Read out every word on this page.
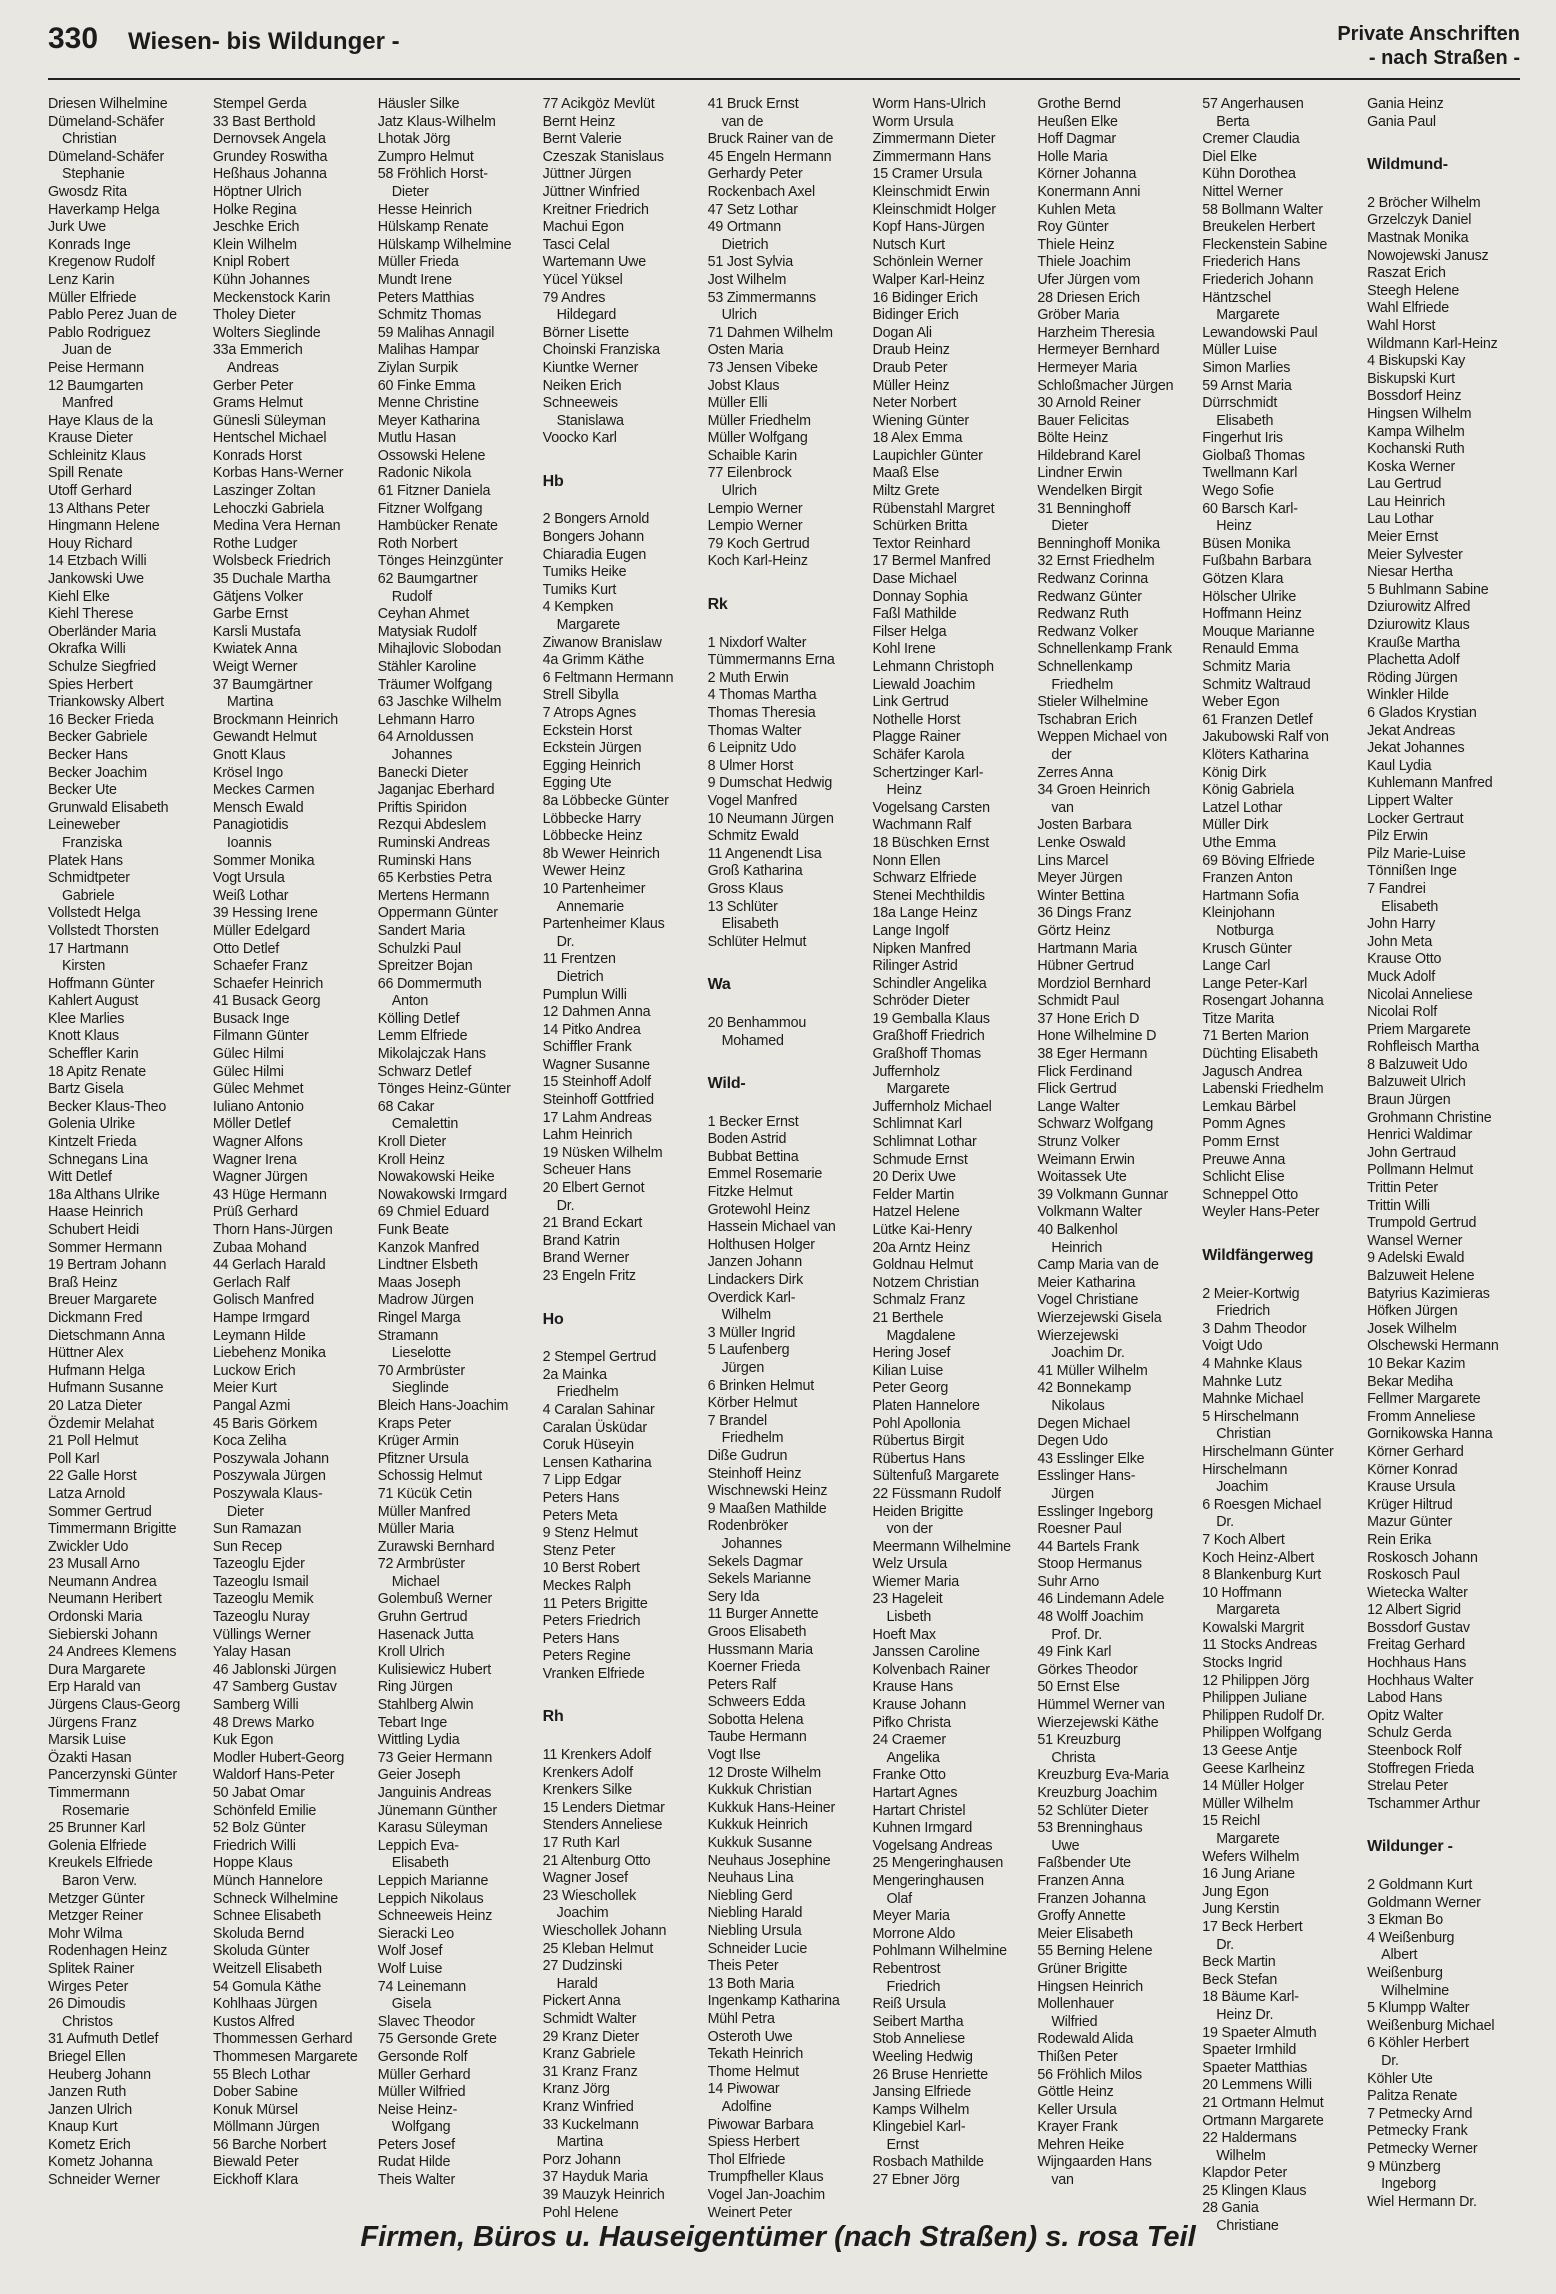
330 Wiesen- bis Wildunger -	Private Anschriften
- nach Straßen -
Driesen Wilhelmine
Dümeland-Schäfer
Christian
Dümeland-Schäfer
Stephanie
Gwosdz Rita
Haverkamp Helga
Jurk Uwe
Konrads Inge
Kregenow Rudolf
Lenz Karin
Müller Elfriede
Pablo Perez Juan de
Pablo Rodriguez
Juan de
Peise Hermann
12 Baumgarten
Manfred
Haye Klaus de la
Krause Dieter
Schleinitz Klaus
Spill Renate
Utoff Gerhard
13 Althans Peter
Hingmann Helene
Houy Richard
14 Etzbach Willi
Jankowski Uwe
Kiehl Elke
Kiehl Therese
Oberländer Maria
Okrafka Willi
Schulze Siegfried
Spies Herbert
Triankowsky Albert
16 Becker Frieda
Becker Gabriele
Becker Hans
Becker Joachim
Becker Ute
Grunwald Elisabeth
Leineweber
Franziska
Platek Hans
Schmidtpeter
Gabriele
Vollstedt Helga
Vollstedt Thorsten
17 Hartmann
Kirsten
Hoffmann Günter
Kahlert August
Klee Marlies
Knott Klaus
Scheffler Karin
18 Apitz Renate
Bartz Gisela
Becker Klaus-Theo
Golenia Ulrike
Kintzelt Frieda
Schnegans Lina
Witt Detlef
18a Althans Ulrike
Haase Heinrich
Schubert Heidi
Sommer Hermann
19 Bertram Johann
Braß Heinz
Breuer Margarete
Dickmann Fred
Dietschmann Anna
Hüttner Alex
Hufmann Helga
Hufmann Susanne
20 Latza Dieter
Özdemir Melahat
21 Poll Helmut
Poll Karl
22 Galle Horst
Latza Arnold
Sommer Gertrud
Timmermann Brigitte
Zwickler Udo
23 Musall Arno
Neumann Andrea
Neumann Heribert
Ordonski Maria
Siebierski Johann
24 Andrees Klemens
Dura Margarete
Erp Harald van
Jürgens Claus-Georg
Jürgens Franz
Marsik Luise
Özakti Hasan
Pancerzynski Günter
Timmermann
Rosemarie
25 Brunner Karl
Golenia Elfriede
Kreukels Elfriede
Baron Verw.
Metzger Günter
Metzger Reiner
Mohr Wilma
Rodenhagen Heinz
Splitek Rainer
Wirges Peter
26 Dimoudis
Christos
31 Aufmuth Detlef
Briegel Ellen
Heuberg Johann
Janzen Ruth
Janzen Ulrich
Knaup Kurt
Kometz Erich
Kometz Johanna
Schneider Werner
Stempel Gerda
33 Bast Berthold
Dernovsek Angela
Grundey Roswitha
Heßhaus Johanna
Höptner Ulrich
Holke Regina
Jeschke Erich
Klein Wilhelm
Knipl Robert
Kühn Johannes
Meckenstock Karin
Tholey Dieter
Wolters Sieglinde
33a Emmerich
Andreas
Gerber Peter
Grams Helmut
Günesli Süleyman
Hentschel Michael
Konrads Horst
Korbas Hans-Werner
Laszinger Zoltan
Lehoczki Gabriela
Medina Vera Hernan
Rothe Ludger
Wolsbeck Friedrich
35 Duchale Martha
Gätjens Volker
Garbe Ernst
Karsli Mustafa
Kwiatek Anna
Weigt Werner
37 Baumgärtner
Martina
Brockmann Heinrich
Gewandt Helmut
Gnott Klaus
Krösel Ingo
Meckes Carmen
Mensch Ewald
Panagiotidis
Ioannis
Sommer Monika
Vogt Ursula
Weiß Lothar
39 Hessing Irene
Müller Edelgard
Otto Detlef
Schaefer Franz
Schaefer Heinrich
41 Busack Georg
Busack Inge
Filmann Günter
Gülec Hilmi
Gülec Hilmi
Gülec Mehmet
Iuliano Antonio
Möller Detlef
Wagner Alfons
Wagner Irena
Wagner Jürgen
43 Hüge Hermann
Prüß Gerhard
Thorn Hans-Jürgen
Zubaa Mohand
44 Gerlach Harald
Gerlach Ralf
Golisch Manfred
Hampe Irmgard
Leymann Hilde
Liebehenz Monika
Luckow Erich
Meier Kurt
Pangal Azmi
45 Baris Görkem
Koca Zeliha
Poszywala Johann
Poszywala Jürgen
Poszywala Klaus-
Dieter
Sun Ramazan
Sun Recep
Tazeoglu Ejder
Tazeoglu Ismail
Tazeoglu Memik
Tazeoglu Nuray
Vüllings Werner
Yalay Hasan
46 Jablonski Jürgen
47 Samberg Gustav
Samberg Willi
48 Drews Marko
Kuk Egon
Modler Hubert-Georg
Waldorf Hans-Peter
50 Jabat Omar
Schönfeld Emilie
52 Bolz Günter
Friedrich Willi
Hoppe Klaus
Münch Hannelore
Schneck Wilhelmine
Schnee Elisabeth
Skoluda Bernd
Skoluda Günter
Weitzell Elisabeth
54 Gomula Käthe
Kohlhaas Jürgen
Kustos Alfred
Thommessen Gerhard
Thommesen Margarete
55 Blech Lothar
Dober Sabine
Konuk Mürsel
Möllmann Jürgen
56 Barche Norbert
Biewald Peter
Eickhoff Klara
Häusler Silke
Jatz Klaus-Wilhelm
Lhotak Jörg
Zumpro Helmut
58 Fröhlich Horst-
Dieter
Hesse Heinrich
Hülskamp Renate
Hülskamp Wilhelmine
Müller Frieda
Mundt Irene
Peters Matthias
Schmitz Thomas
59 Malihas Annagil
Malihas Hampar
Ziylan Surpik
60 Finke Emma
Menne Christine
Meyer Katharina
Mutlu Hasan
Ossowski Helene
Radonic Nikola
61 Fitzner Daniela
Fitzner Wolfgang
Hambücker Renate
Roth Norbert
Tönges Heinzgünter
62 Baumgartner
Rudolf
Ceyhan Ahmet
Matysiak Rudolf
Mihajlovic Slobodan
Stähler Karoline
Träumer Wolfgang
63 Jaschke Wilhelm
Lehmann Harro
64 Arnoldussen
Johannes
Banecki Dieter
Jaganjac Eberhard
Priftis Spiridon
Rezqui Abdeslem
Ruminski Andreas
Ruminski Hans
65 Kerbsties Petra
Mertens Hermann
Oppermann Günter
Sandert Maria
Schulzki Paul
Spreitzer Bojan
66 Dommermuth
Anton
Kölling Detlef
Lemm Elfriede
Mikolajczak Hans
Schwarz Detlef
Tönges Heinz-Günter
68 Cakar
Cemalettin
Kroll Dieter
Kroll Heinz
Nowakowski Heike
Nowakowski Irmgard
69 Chmiel Eduard
Funk Beate
Kanzok Manfred
Lindtner Elsbeth
Maas Joseph
Madrow Jürgen
Ringel Marga
Stramann
Lieselotte
70 Armbrüster
Sieglinde
Bleich Hans-Joachim
Kraps Peter
Krüger Armin
Pfitzner Ursula
Schossig Helmut
71 Kücük Cetin
Müller Manfred
Müller Maria
Zurawski Bernhard
72 Armbrüster
Michael
Golembuß Werner
Gruhn Gertrud
Hasenack Jutta
Kroll Ulrich
Kulisiewicz Hubert
Ring Jürgen
Stahlberg Alwin
Tebart Inge
Wittling Lydia
73 Geier Hermann
Geier Joseph
Janguinis Andreas
Jünemann Günther
Karasu Süleyman
Leppich Eva-
Elisabeth
Leppich Marianne
Leppich Nikolaus
Schneeweis Heinz
Sieracki Leo
Wolf Josef
Wolf Luise
74 Leinemann
Gisela
Slavec Theodor
75 Gersonde Grete
Gersonde Rolf
Müller Gerhard
Müller Wilfried
Neise Heinz-
Wolfgang
Peters Josef
Rudat Hilde
Theis Walter
77 Acikgöz Mevlüt
Bernt Heinz
Bernt Valerie
Czeszak Stanislaus
Jüttner Jürgen
Jüttner Winfried
Kreitner Friedrich
Machui Egon
Tasci Celal
Wartemann Uwe
Yücel Yüksel
79 Andres
Hildegard
Börner Lisette
Choinski Franziska
Kiuntke Werner
Neiken Erich
Schneeweis
Stanislawa
Voocko Karl
Hb
2 Bongers Arnold
Bongers Johann
Chiaradia Eugen
Tumiks Heike
Tumiks Kurt
4 Kempken
Margarete
Ziwanow Branislaw
4a Grimm Käthe
6 Feltmann Hermann
Strell Sibylla
7 Atrops Agnes
Eckstein Horst
Eckstein Jürgen
Egging Heinrich
Egging Ute
8a Löbbecke Günter
Löbbecke Harry
Löbbecke Heinz
8b Wewer Heinrich
Wewer Heinz
10 Partenheimer
Annemarie
Partenheimer Klaus
Dr.
11 Frentzen
Dietrich
Pumplun Willi
12 Dahmen Anna
14 Pitko Andrea
Schiffler Frank
Wagner Susanne
15 Steinhoff Adolf
Steinhoff Gottfried
17 Lahm Andreas
Lahm Heinrich
19 Nüsken Wilhelm
Scheuer Hans
20 Elbert Gernot
Dr.
21 Brand Eckart
Brand Katrin
Brand Werner
23 Engeln Fritz
Ho
2 Stempel Gertrud
2a Mainka
Friedhelm
4 Caralan Sahinar
Caralan Üsküdar
Coruk Hüseyin
Lensen Katharina
7 Lipp Edgar
Peters Hans
Peters Meta
9 Stenz Helmut
Stenz Peter
10 Berst Robert
Meckes Ralph
11 Peters Brigitte
Peters Friedrich
Peters Hans
Peters Regine
Vranken Elfriede
Rh
11 Krenkers Adolf
Krenkers Adolf
Krenkers Silke
15 Lenders Dietmar
Stenders Anneliese
17 Ruth Karl
21 Altenburg Otto
Wagner Josef
23 Wieschollek
Joachim
Wieschollek Johann
25 Kleban Helmut
27 Dudzinski
Harald
Pickert Anna
Schmidt Walter
29 Kranz Dieter
Kranz Gabriele
31 Kranz Franz
Kranz Jörg
Kranz Winfried
33 Kuckelmann
Martina
Porz Johann
37 Hayduk Maria
39 Mauzyk Heinrich
Pohl Helene
41 Bruck Ernst
van de
Bruck Rainer van de
45 Engeln Hermann
Gerhardy Peter
Rockenbach Axel
47 Setz Lothar
49 Ortmann
Dietrich
51 Jost Sylvia
Jost Wilhelm
53 Zimmermanns
Ulrich
71 Dahmen Wilhelm
Osten Maria
73 Jensen Vibeke
Jobst Klaus
Müller Elli
Müller Friedhelm
Müller Wolfgang
Schaible Karin
77 Eilenbrock
Ulrich
Lempio Werner
Lempio Werner
79 Koch Gertrud
Koch Karl-Heinz
Rk
1 Nixdorf Walter
Tümmermanns Erna
2 Muth Erwin
4 Thomas Martha
Thomas Theresia
Thomas Walter
6 Leipnitz Udo
8 Ulmer Horst
9 Dumschat Hedwig
Vogel Manfred
10 Neumann Jürgen
Schmitz Ewald
11 Angenendt Lisa
Groß Katharina
Gross Klaus
13 Schlüter
Elisabeth
Schlüter Helmut
Wa
20 Benhammou
Mohamed
Wild-
1 Becker Ernst
Boden Astrid
Bubbat Bettina
Emmel Rosemarie
Fitzke Helmut
Grotewohl Heinz
Hassein Michael van
Holthusen Holger
Janzen Johann
Lindackers Dirk
Overdick Karl-
Wilhelm
3 Müller Ingrid
5 Laufenberg
Jürgen
6 Brinken Helmut
Körber Helmut
7 Brandel
Friedhelm
Diße Gudrun
Steinhoff Heinz
Wischnewski Heinz
9 Maaßen Mathilde
Rodenbröker
Johannes
Sekels Dagmar
Sekels Marianne
Sery Ida
11 Burger Annette
Groos Elisabeth
Hussmann Maria
Koerner Frieda
Peters Ralf
Schweers Edda
Sobotta Helena
Taube Hermann
Vogt Ilse
12 Droste Wilhelm
Kukkuk Christian
Kukkuk Hans-Heiner
Kukkuk Heinrich
Kukkuk Susanne
Neuhaus Josephine
Neuhaus Lina
Niebling Gerd
Niebling Harald
Niebling Ursula
Schneider Lucie
Theis Peter
13 Both Maria
Ingenkamp Katharina
Mühl Petra
Osteroth Uwe
Tekath Heinrich
Thome Helmut
14 Piwowar
Adolfine
Piwowar Barbara
Spiess Herbert
Thol Elfriede
Trumpfheller Klaus
Vogel Jan-Joachim
Weinert Peter
Worm Hans-Ulrich
Worm Ursula
Zimmermann Dieter
Zimmermann Hans
15 Cramer Ursula
Kleinschmidt Erwin
Kleinschmidt Holger
Kopf Hans-Jürgen
Nutsch Kurt
Schönlein Werner
Walper Karl-Heinz
16 Bidinger Erich
Bidinger Erich
Dogan Ali
Draub Heinz
Draub Peter
Müller Heinz
Neter Norbert
Wiening Günter
18 Alex Emma
Laupichler Günter
Maaß Else
Miltz Grete
Rübenstahl Margret
Schürken Britta
Textor Reinhard
17 Bermel Manfred
Dase Michael
Donnay Sophia
Faßl Mathilde
Filser Helga
Kohl Irene
Lehmann Christoph
Liewald Joachim
Link Gertrud
Nothelle Horst
Plagge Rainer
Schäfer Karola
Schertzinger Karl-
Heinz
Vogelsang Carsten
Wachmann Ralf
18 Büschken Ernst
Nonn Ellen
Schwarz Elfriede
Stenei Mechthildis
18a Lange Heinz
Lange Ingolf
Nipken Manfred
Rilinger Astrid
Schindler Angelika
Schröder Dieter
19 Gemballa Klaus
Graßhoff Friedrich
Graßhoff Thomas
Juffernholz
Margarete
Juffernholz Michael
Schlimnat Karl
Schlimnat Lothar
Schmude Ernst
20 Derix Uwe
Felder Martin
Hatzel Helene
Lütke Kai-Henry
20a Arntz Heinz
Goldnau Helmut
Notzem Christian
Schmalz Franz
21 Berthele
Magdalene
Hering Josef
Kilian Luise
Peter Georg
Platen Hannelore
Pohl Apollonia
Rübertus Birgit
Rübertus Hans
Sültenfuß Margarete
22 Füssmann Rudolf
Heiden Brigitte
von der
Meermann Wilhelmine
Welz Ursula
Wiemer Maria
23 Hageleit
Lisbeth
Hoeft Max
Janssen Caroline
Kolvenbach Rainer
Krause Hans
Krause Johann
Pifko Christa
24 Craemer
Angelika
Franke Otto
Hartart Agnes
Hartart Christel
Kuhnen Irmgard
Vogelsang Andreas
25 Mengeringhausen
Mengeringhausen
Olaf
Meyer Maria
Morrone Aldo
Pohlmann Wilhelmine
Rebentrost
Friedrich
Reiß Ursula
Seibert Martha
Stob Anneliese
Weeling Hedwig
26 Bruse Henriette
Jansing Elfriede
Kamps Wilhelm
Klingebiel Karl-
Ernst
Rosbach Mathilde
27 Ebner Jörg
Grothe Bernd
Heußen Elke
Hoff Dagmar
Holle Maria
Körner Johanna
Konermann Anni
Kuhlen Meta
Roy Günter
Thiele Heinz
Thiele Joachim
Ufer Jürgen vom
28 Driesen Erich
Gröber Maria
Harzheim Theresia
Hermeyer Bernhard
Hermeyer Maria
Schloßmacher Jürgen
30 Arnold Reiner
Bauer Felicitas
Bölte Heinz
Hildebrand Karel
Lindner Erwin
Wendelken Birgit
31 Benninghoff
Dieter
Benninghoff Monika
32 Ernst Friedhelm
Redwanz Corinna
Redwanz Günter
Redwanz Ruth
Redwanz Volker
Schnellenkamp Frank
Schnellenkamp
Friedhelm
Stieler Wilhelmine
Tschabran Erich
Weppen Michael von
der
Zerres Anna
34 Groen Heinrich
van
Josten Barbara
Lenke Oswald
Lins Marcel
Meyer Jürgen
Winter Bettina
36 Dings Franz
Görtz Heinz
Hartmann Maria
Hübner Gertrud
Mordziol Bernhard
Schmidt Paul
37 Hone Erich D
Hone Wilhelmine D
38 Eger Hermann
Flick Ferdinand
Flick Gertrud
Lange Walter
Schwarz Wolfgang
Strunz Volker
Weimann Erwin
Woitassek Ute
39 Volkmann Gunnar
Volkmann Walter
40 Balkenhol
Heinrich
Camp Maria van de
Meier Katharina
Vogel Christiane
Wierzejewski Gisela
Wierzejewski
Joachim Dr.
41 Müller Wilhelm
42 Bonnekamp
Nikolaus
Degen Michael
Degen Udo
43 Esslinger Elke
Esslinger Hans-
Jürgen
Esslinger Ingeborg
Roesner Paul
44 Bartels Frank
Stoop Hermanus
Suhr Arno
46 Lindemann Adele
48 Wolff Joachim
Prof. Dr.
49 Fink Karl
Görkes Theodor
50 Ernst Else
Hümmel Werner van
Wierzejewski Käthe
51 Kreuzburg
Christa
Kreuzburg Eva-Maria
Kreuzburg Joachim
52 Schlüter Dieter
53 Brenninghaus
Uwe
Faßbender Ute
Franzen Anna
Franzen Johanna
Groffy Annette
Meier Elisabeth
55 Berning Helene
Grüner Brigitte
Hingsen Heinrich
Mollenhauer
Wilfried
Rodewald Alida
Thißen Peter
56 Fröhlich Milos
Göttle Heinz
Keller Ursula
Krayer Frank
Mehren Heike
Wijngaarden Hans
van
57 Angerhausen
Berta
Cremer Claudia
Diel Elke
Kühn Dorothea
Nittel Werner
58 Bollmann Walter
Breukelen Herbert
Fleckenstein Sabine
Friederich Hans
Friederich Johann
Häntzschel
Margarete
Lewandowski Paul
Müller Luise
Simon Marlies
59 Arnst Maria
Dürrschmidt
Elisabeth
Fingerhut Iris
Giolbaß Thomas
Twellmann Karl
Wego Sofie
60 Barsch Karl-
Heinz
Büsen Monika
Fußbahn Barbara
Götzen Klara
Hölscher Ulrike
Hoffmann Heinz
Mouque Marianne
Renauld Emma
Schmitz Maria
Schmitz Waltraud
Weber Egon
61 Franzen Detlef
Jakubowski Ralf von
Klöters Katharina
König Dirk
König Gabriela
Latzel Lothar
Müller Dirk
Uthe Emma
69 Böving Elfriede
Franzen Anton
Hartmann Sofia
Kleinjohann
Notburga
Krusch Günter
Lange Carl
Lange Peter-Karl
Rosengart Johanna
Titze Marita
71 Berten Marion
Düchting Elisabeth
Jagusch Andrea
Labenski Friedhelm
Lemkau Bärbel
Pomm Agnes
Pomm Ernst
Preuwe Anna
Schlicht Elise
Schneppel Otto
Weyler Hans-Peter
Wildfängerweg
2 Meier-Kortwig
Friedrich
3 Dahm Theodor
Voigt Udo
4 Mahnke Klaus
Mahnke Lutz
Mahnke Michael
5 Hirschelmann
Christian
Hirschelmann Günter
Hirschelmann
Joachim
6 Roesgen Michael
Dr.
7 Koch Albert
Koch Heinz-Albert
8 Blankenburg Kurt
10 Hoffmann
Margareta
Kowalski Margrit
11 Stocks Andreas
Stocks Ingrid
12 Philippen Jörg
Philippen Juliane
Philippen Rudolf Dr.
Philippen Wolfgang
13 Geese Antje
Geese Karlheinz
14 Müller Holger
Müller Wilhelm
15 Reichl
Margarete
Wefers Wilhelm
16 Jung Ariane
Jung Egon
Jung Kerstin
17 Beck Herbert
Dr.
Beck Martin
Beck Stefan
18 Bäume Karl-
Heinz Dr.
19 Spaeter Almuth
Spaeter Irmhild
Spaeter Matthias
20 Lemmens Willi
21 Ortmann Helmut
Ortmann Margarete
22 Haldermans
Wilhelm
Klapdor Peter
25 Klingen Klaus
28 Gania
Christiane
Gania Heinz
Gania Paul
Wildmund-
2 Bröcher Wilhelm
Grzelczyk Daniel
Mastnak Monika
Nowojewski Janusz
Raszat Erich
Steegh Helene
Wahl Elfriede
Wahl Horst
Wildmann Karl-Heinz
4 Biskupski Kay
Biskupski Kurt
Bossdorf Heinz
Hingsen Wilhelm
Kampa Wilhelm
Kochanski Ruth
Koska Werner
Lau Gertrud
Lau Heinrich
Lau Lothar
Meier Ernst
Meier Sylvester
Niesar Hertha
5 Buhlmann Sabine
Dziurowitz Alfred
Dziurowitz Klaus
Krauße Martha
Plachetta Adolf
Röding Jürgen
Winkler Hilde
6 Glados Krystian
Jekat Andreas
Jekat Johannes
Kaul Lydia
Kuhlemann Manfred
Lippert Walter
Locker Gertraut
Pilz Erwin
Pilz Marie-Luise
Tönnißen Inge
7 Fandrei
Elisabeth
John Harry
John Meta
Krause Otto
Muck Adolf
Nicolai Anneliese
Nicolai Rolf
Priem Margarete
Rohfleisch Martha
8 Balzuweit Udo
Balzuweit Ulrich
Braun Jürgen
Grohmann Christine
Henrici Waldimar
John Gertraud
Pollmann Helmut
Trittin Peter
Trittin Willi
Trumpold Gertrud
Wansel Werner
9 Adelski Ewald
Balzuweit Helene
Batyrius Kazimieras
Höfken Jürgen
Josek Wilhelm
Olschewski Hermann
10 Bekar Kazim
Bekar Mediha
Fellmer Margarete
Fromm Anneliese
Gornikowska Hanna
Körner Gerhard
Körner Konrad
Krause Ursula
Krüger Hiltrud
Mazur Günter
Rein Erika
Roskosch Johann
Roskosch Paul
Wietecka Walter
12 Albert Sigrid
Bossdorf Gustav
Freitag Gerhard
Hochhaus Hans
Hochhaus Walter
Labod Hans
Opitz Walter
Schulz Gerda
Steenbock Rolf
Stoffregen Frieda
Strelau Peter
Tschammer Arthur
Wildunger -
2 Goldmann Kurt
Goldmann Werner
3 Ekman Bo
4 Weißenburg
Albert
Weißenburg
Wilhelmine
5 Klumpp Walter
Weißenburg Michael
6 Köhler Herbert
Dr.
Köhler Ute
Palitza Renate
7 Petmecky Arnd
Petmecky Frank
Petmecky Werner
9 Münzberg
Ingeborg
Wiel Hermann Dr.
Firmen, Büros u. Hauseigentümer (nach Straßen) s. rosa Teil
